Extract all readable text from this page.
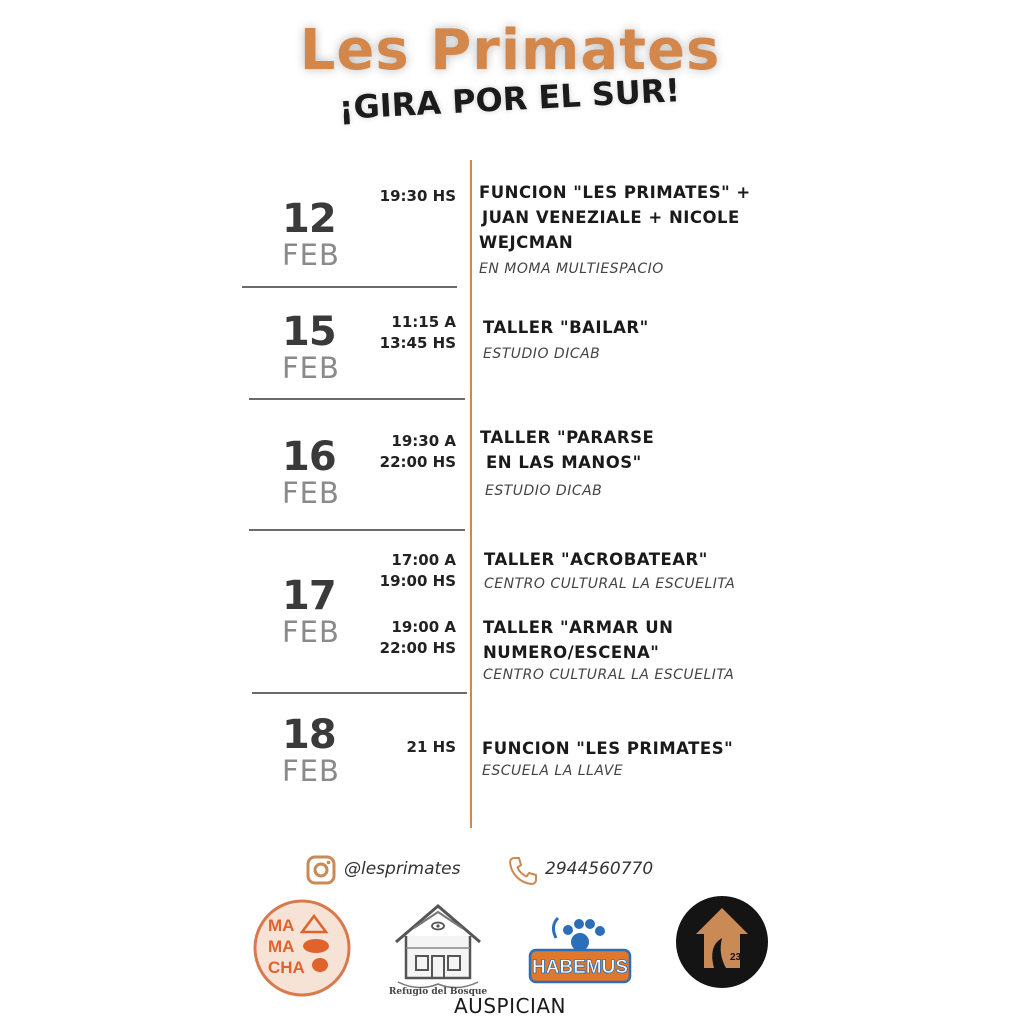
Les Primates
¡GIRA POR EL SUR!
12
FEB
19:30 HS FUNCION "LES PRIMATES" +
JUAN VENEZIALE + NICOLE
WEJCMAN
EN MOMA MULTIESPACIO
15
FEB
11:15 A
13:45 HS
TALLER "BAILAR"
ESTUDIO DICAB
16
FEB
19:30 A
22:00 HS
TALLER "PARARSE
EN LAS MANOS"
ESTUDIO DICAB
17
FEB
17:00 A
19:00 HS
TALLER "ACROBATEAR"
CENTRO CULTURAL LA ESCUELITA
19:00 A
22:00 HS
TALLER "ARMAR UN
NUMERO/ESCENA"
CENTRO CULTURAL LA ESCUELITA
18
FEB
21 HS FUNCION "LES PRIMATES"
ESCUELA LA LLAVE
@lesprimates	2944560770
MA
MA
CHA
Refugio del Bosque
HABEMUS	231
AUSPICIAN
